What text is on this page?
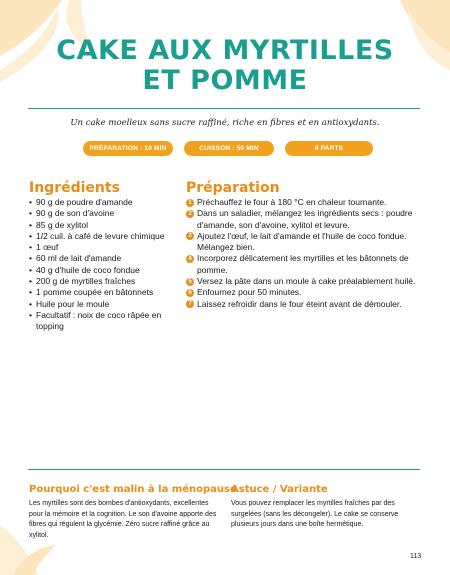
CAKE AUX MYRTILLES
ET POMME
Un cake moelleux sans sucre raffiné, riche en fibres et en antioxydants.
PRÉPARATION : 10 MIN	CUISSON : 50 MIN	8 PARTS
Ingrédients
• 90 g de poudre d'amande
• 90 g de son d'avoine
• 85 g de xylitol
• 1/2 cuil. à café de levure chimique
• 1 œuf
• 60 ml de lait d'amande
• 40 g d'huile de coco fondue
• 200 g de myrtilles fraîches
• 1 pomme coupée en bâtonnets
• Huile pour le moule
• Facultatif : noix de coco râpée en topping
Préparation
1 Préchauffez le four à 180 °C en chaleur tournante.
2 Dans un saladier, mélangez les ingrédients secs : poudre d'amande, son d'avoine, xylitol et levure.
3 Ajoutez l'œuf, le lait d'amande et l'huile de coco fondue. Mélangez bien.
4 Incorporez délicatement les myrtilles et les bâtonnets de pomme.
5 Versez la pâte dans un moule à cake préalablement huilé.
6 Enfournez pour 50 minutes.
7 Laissez refroidir dans le four éteint avant de démouler.
Pourquoi c'est malin à la ménopause
Les myrtilles sont des bombes d'antioxydants, excellentes pour la mémoire et la cognition. Le son d'avoine apporte des fibres qui régulent la glycémie. Zéro sucre raffiné grâce au xylitol.
Astuce / Variante
Vous pouvez remplacer les myrtilles fraîches par des surgelées (sans les décongeler). Le cake se conserve plusieurs jours dans une boîte hermétique.
113
